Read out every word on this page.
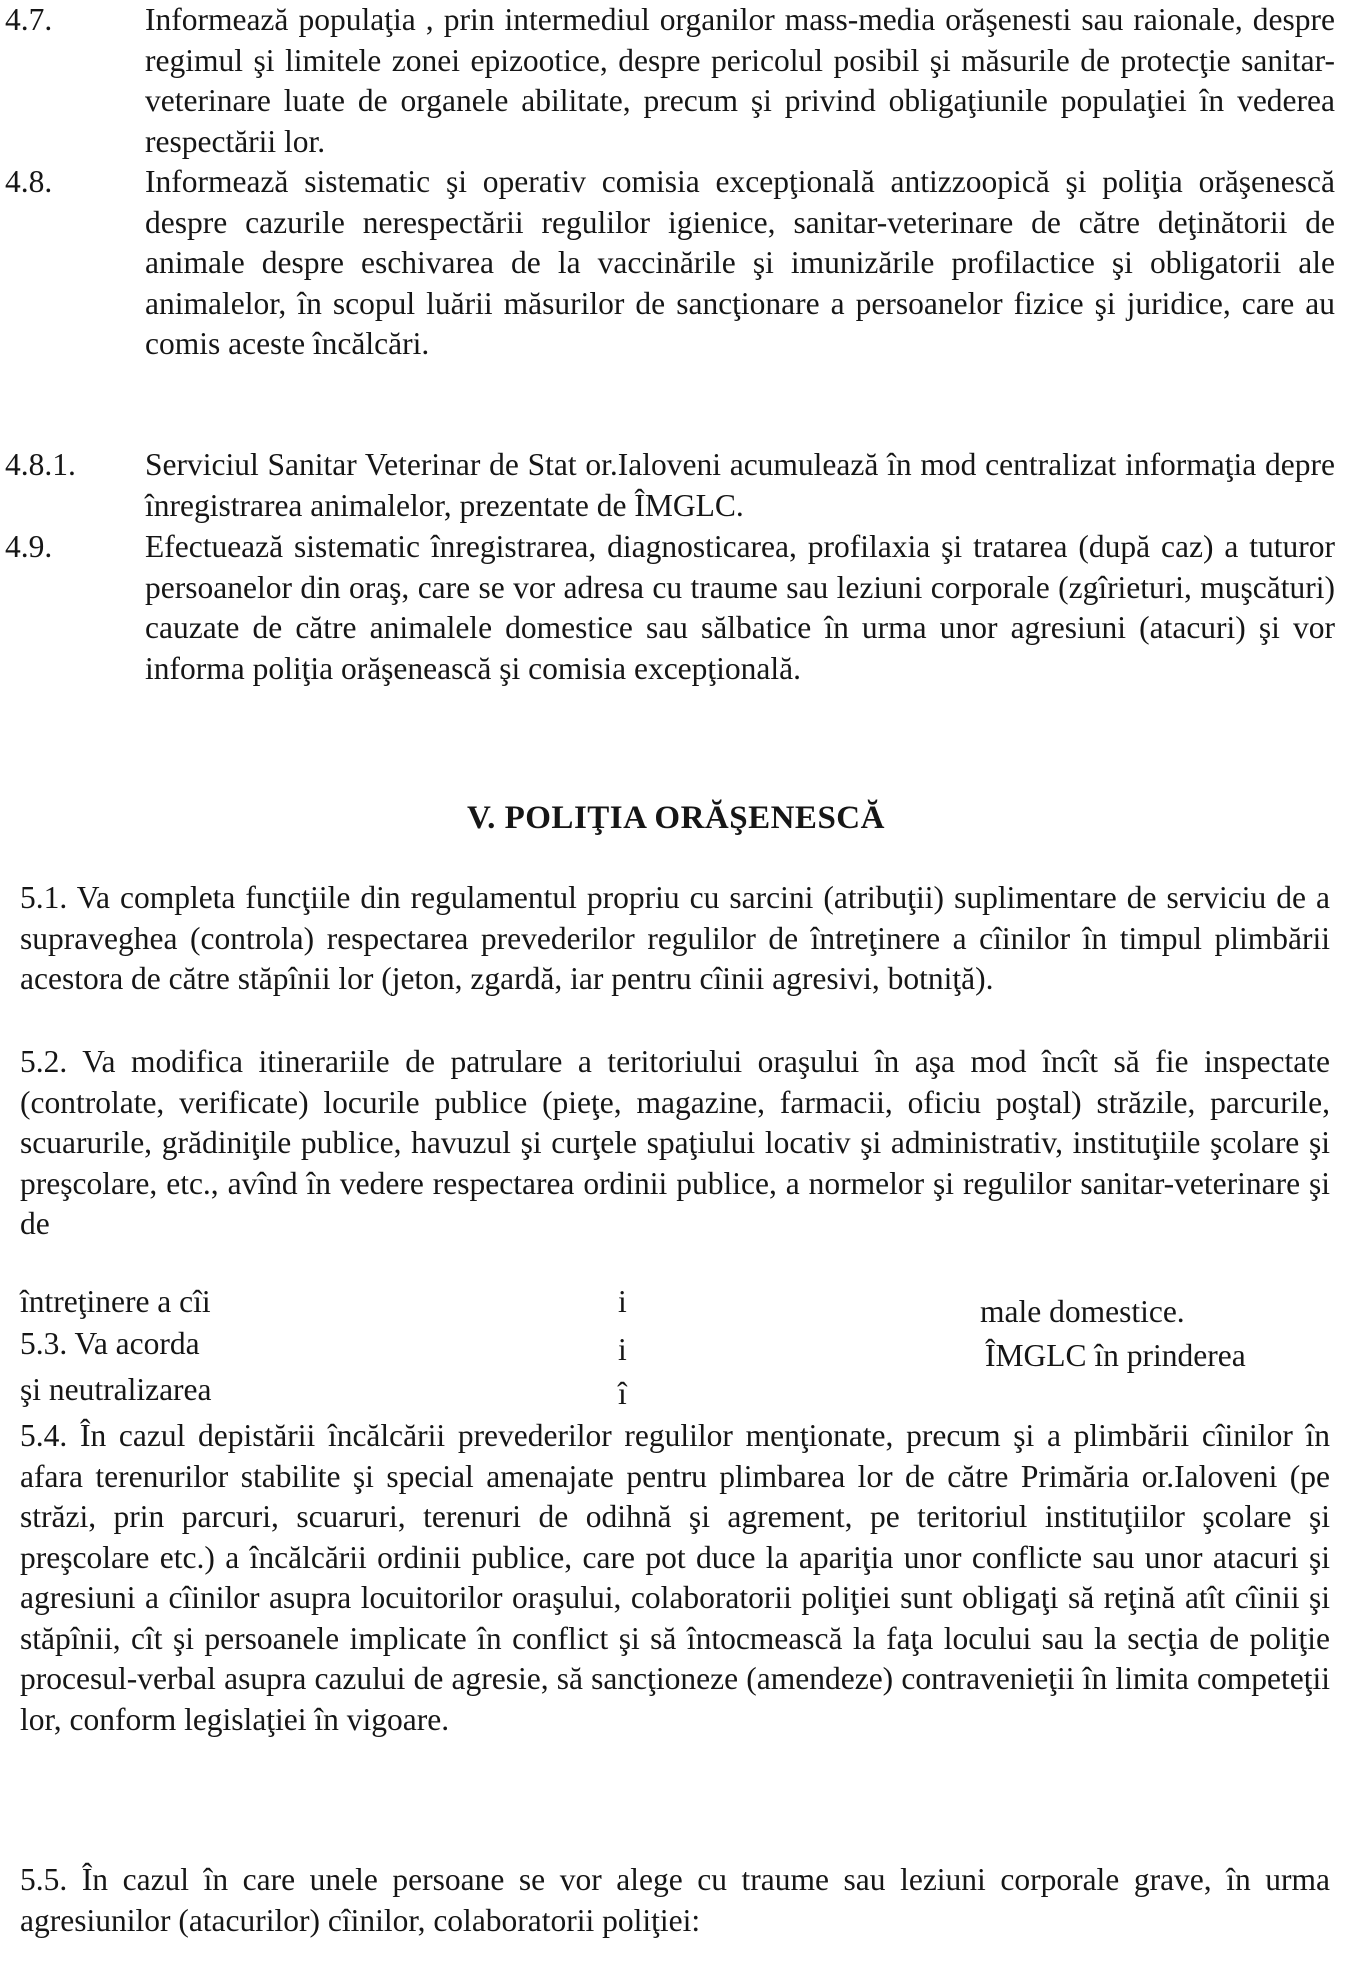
4.7.	Informează populaţia , prin intermediul organilor mass-media orăşenesti sau raionale, despre regimul şi limitele zonei epizootice, despre pericolul posibil şi măsurile de protecţie sanitar-veterinare luate de organele abilitate, precum şi privind obligaţiunile populaţiei în vederea respectării lor.
4.8.	Informează sistematic şi operativ comisia excepţională antizzoopică şi poliţia orăşenescă despre cazurile nerespectării regulilor igienice, sanitar-veterinare de către deţinătorii de animale despre eschivarea de la vaccinările şi imunizările profilactice şi obligatorii ale animalelor, în scopul luării măsurilor de sancţionare a persoanelor fizice şi juridice, care au comis aceste încălcări.
4.8.1. Serviciul Sanitar Veterinar de Stat or.Ialoveni acumulează în mod centralizat informaţia depre înregistrarea animalelor, prezentate de ÎMGLC.
4.9.	Efectuează sistematic înregistrarea, diagnosticarea, profilaxia şi tratarea (după caz) a tuturor persoanelor din oraş, care se vor adresa cu traume sau leziuni corporale (zgîrieturi, muşcături) cauzate de către animalele domestice sau sălbatice în urma unor agresiuni (atacuri) şi vor informa poliţia orăşenească şi comisia excepţională.
V. POLIŢIA ORĂŞENESCĂ
5.1. Va completa funcţiile din regulamentul propriu cu sarcini (atribuţii) suplimentare de serviciu de a supraveghea (controla) respectarea prevederilor regulilor de întreţinere a cîinilor în timpul plimbării acestora de către stăpînii lor (jeton, zgardă, iar pentru cîinii agresivi, botniţă).
5.2. Va modifica itinerariile de patrulare a teritoriului oraşului în aşa mod încît să fie inspectate (controlate, verificate) locurile publice (pieţe, magazine, farmacii, oficiu poştal) străzile, parcurile, scuarurile, grădiniţile publice, havuzul şi curţele spaţiului locativ şi administrativ, instituţiile şcolare şi preşcolare, etc., avînd în vedere respectarea ordinii publice, a normelor şi regulilor sanitar-veterinare şi de
întreţinere a cîi	i	male domestice.
5.3. Va acorda	i	ÎMGLC în prinderea
şi neutralizarea	î
5.4. În cazul depistării încălcării prevederilor regulilor menţionate, precum şi a plimbării cîinilor în afara terenurilor stabilite şi special amenajate pentru plimbarea lor de către Primăria or.Ialoveni (pe străzi, prin parcuri, scuaruri, terenuri de odihnă şi agrement, pe teritoriul instituţiilor şcolare şi preşcolare etc.) a încălcării ordinii publice, care pot duce la apariţia unor conflicte sau unor atacuri şi agresiuni a cîinilor asupra locuitorilor oraşului, colaboratorii poliţiei sunt obligaţi să reţină atît cîinii şi stăpînii, cît şi persoanele implicate în conflict şi să întocmească la faţa locului sau la secţia de poliţie procesul-verbal asupra cazului de agresie, să sancţioneze (amendeze) contravenieţii în limita competeţii lor, conform legislaţiei în vigoare.
5.5. În cazul în care unele persoane se vor alege cu traume sau leziuni corporale grave, în urma agresiunilor (atacurilor) cîinilor, colaboratorii poliţiei:
